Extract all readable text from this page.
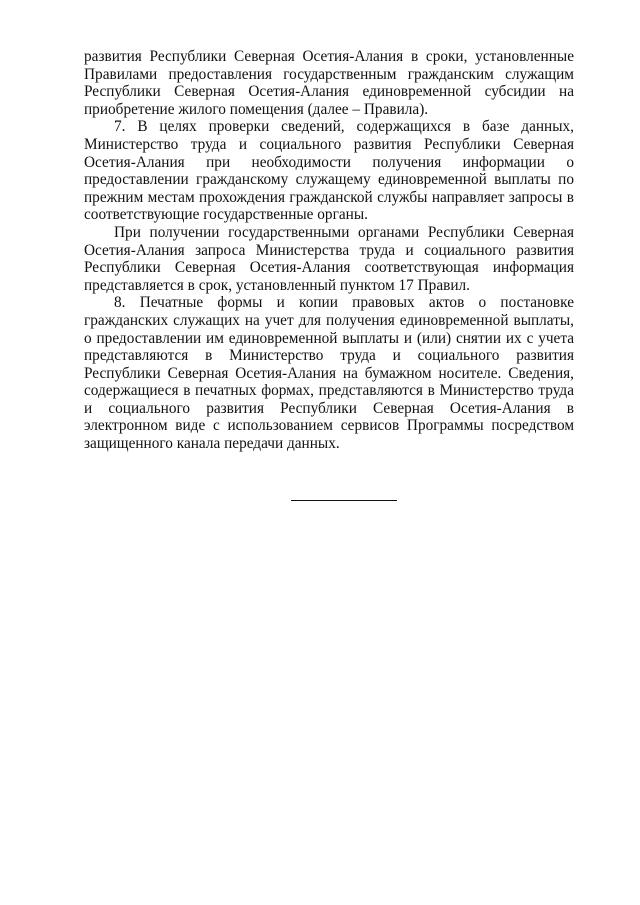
развития Республики Северная Осетия-Алания в сроки, установленные Правилами предоставления государственным гражданским служащим Республики Северная Осетия-Алания единовременной субсидии на приобретение жилого помещения (далее – Правила).

7. В целях проверки сведений, содержащихся в базе данных, Министерство труда и социального развития Республики Северная Осетия-Алания при необходимости получения информации о предоставлении гражданскому служащему единовременной выплаты по прежним местам прохождения гражданской службы направляет запросы в соответствующие государственные органы.

При получении государственными органами Республики Северная Осетия-Алания запроса Министерства труда и социального развития Республики Северная Осетия-Алания соответствующая информация представляется в срок, установленный пунктом 17 Правил.

8. Печатные формы и копии правовых актов о постановке гражданских служащих на учет для получения единовременной выплаты, о предоставлении им единовременной выплаты и (или) снятии их с учета представляются в Министерство труда и социального развития Республики Северная Осетия-Алания на бумажном носителе. Сведения, содержащиеся в печатных формах, представляются в Министерство труда и социального развития Республики Северная Осетия-Алания в электронном виде с использованием сервисов Программы посредством защищенного канала передачи данных.
